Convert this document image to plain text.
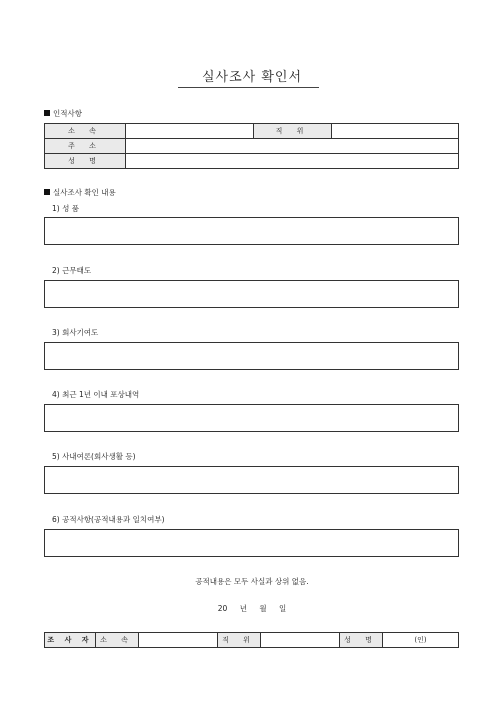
실사조사 확인서
인적사항
소 속		직 위	
주 소			
성 명			
실사조사 확인 내용
1) 성 품
2) 근무태도
3) 회사기여도
4) 최근 1년 이내 포상내역
5) 사내여론(회사생활 등)
6) 공적사항(공적내용과 일치여부)
공적내용은 모두 사실과 상위 없음.
20 년 월 일
조 사 자	소 속		직 위		성 명	(인)
